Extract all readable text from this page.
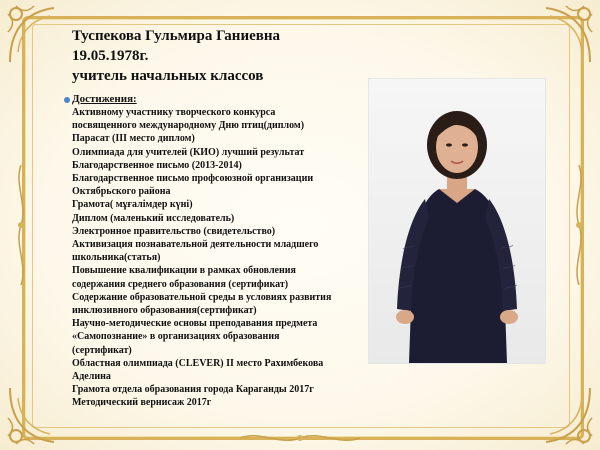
Туспекова Гульмира Ганиевна
19.05.1978г.
учитель начальных классов
Достижения:
Активному участнику творческого конкурса
посвященного международному Дню птиц(диплом)
Парасат (III место диплом)
Олимпиада для учителей (КИО) лучший результат
Благодарственное письмо (2013-2014)
Благодарственное письмо профсоюзной организации
Октябрьского района
Грамота( мұғалімдер күні)
Диплом (маленький исследователь)
Электронное правительство (свидетельство)
Активизация познавательной деятельности младшего
школьника(статья)
Повышение квалификации в рамках обновления
содержания среднего образования (сертификат)
Содержание образовательной среды в условиях развития
инклюзивного образования(сертификат)
Научно-методические основы преподавания предмета
«Самопознание» в организациях образования
(сертификат)
Областная олимпиада (CLEVER) II место Рахимбекова
Аделина
Грамота отдела образования города Караганды 2017г
Методический вернисаж 2017г
